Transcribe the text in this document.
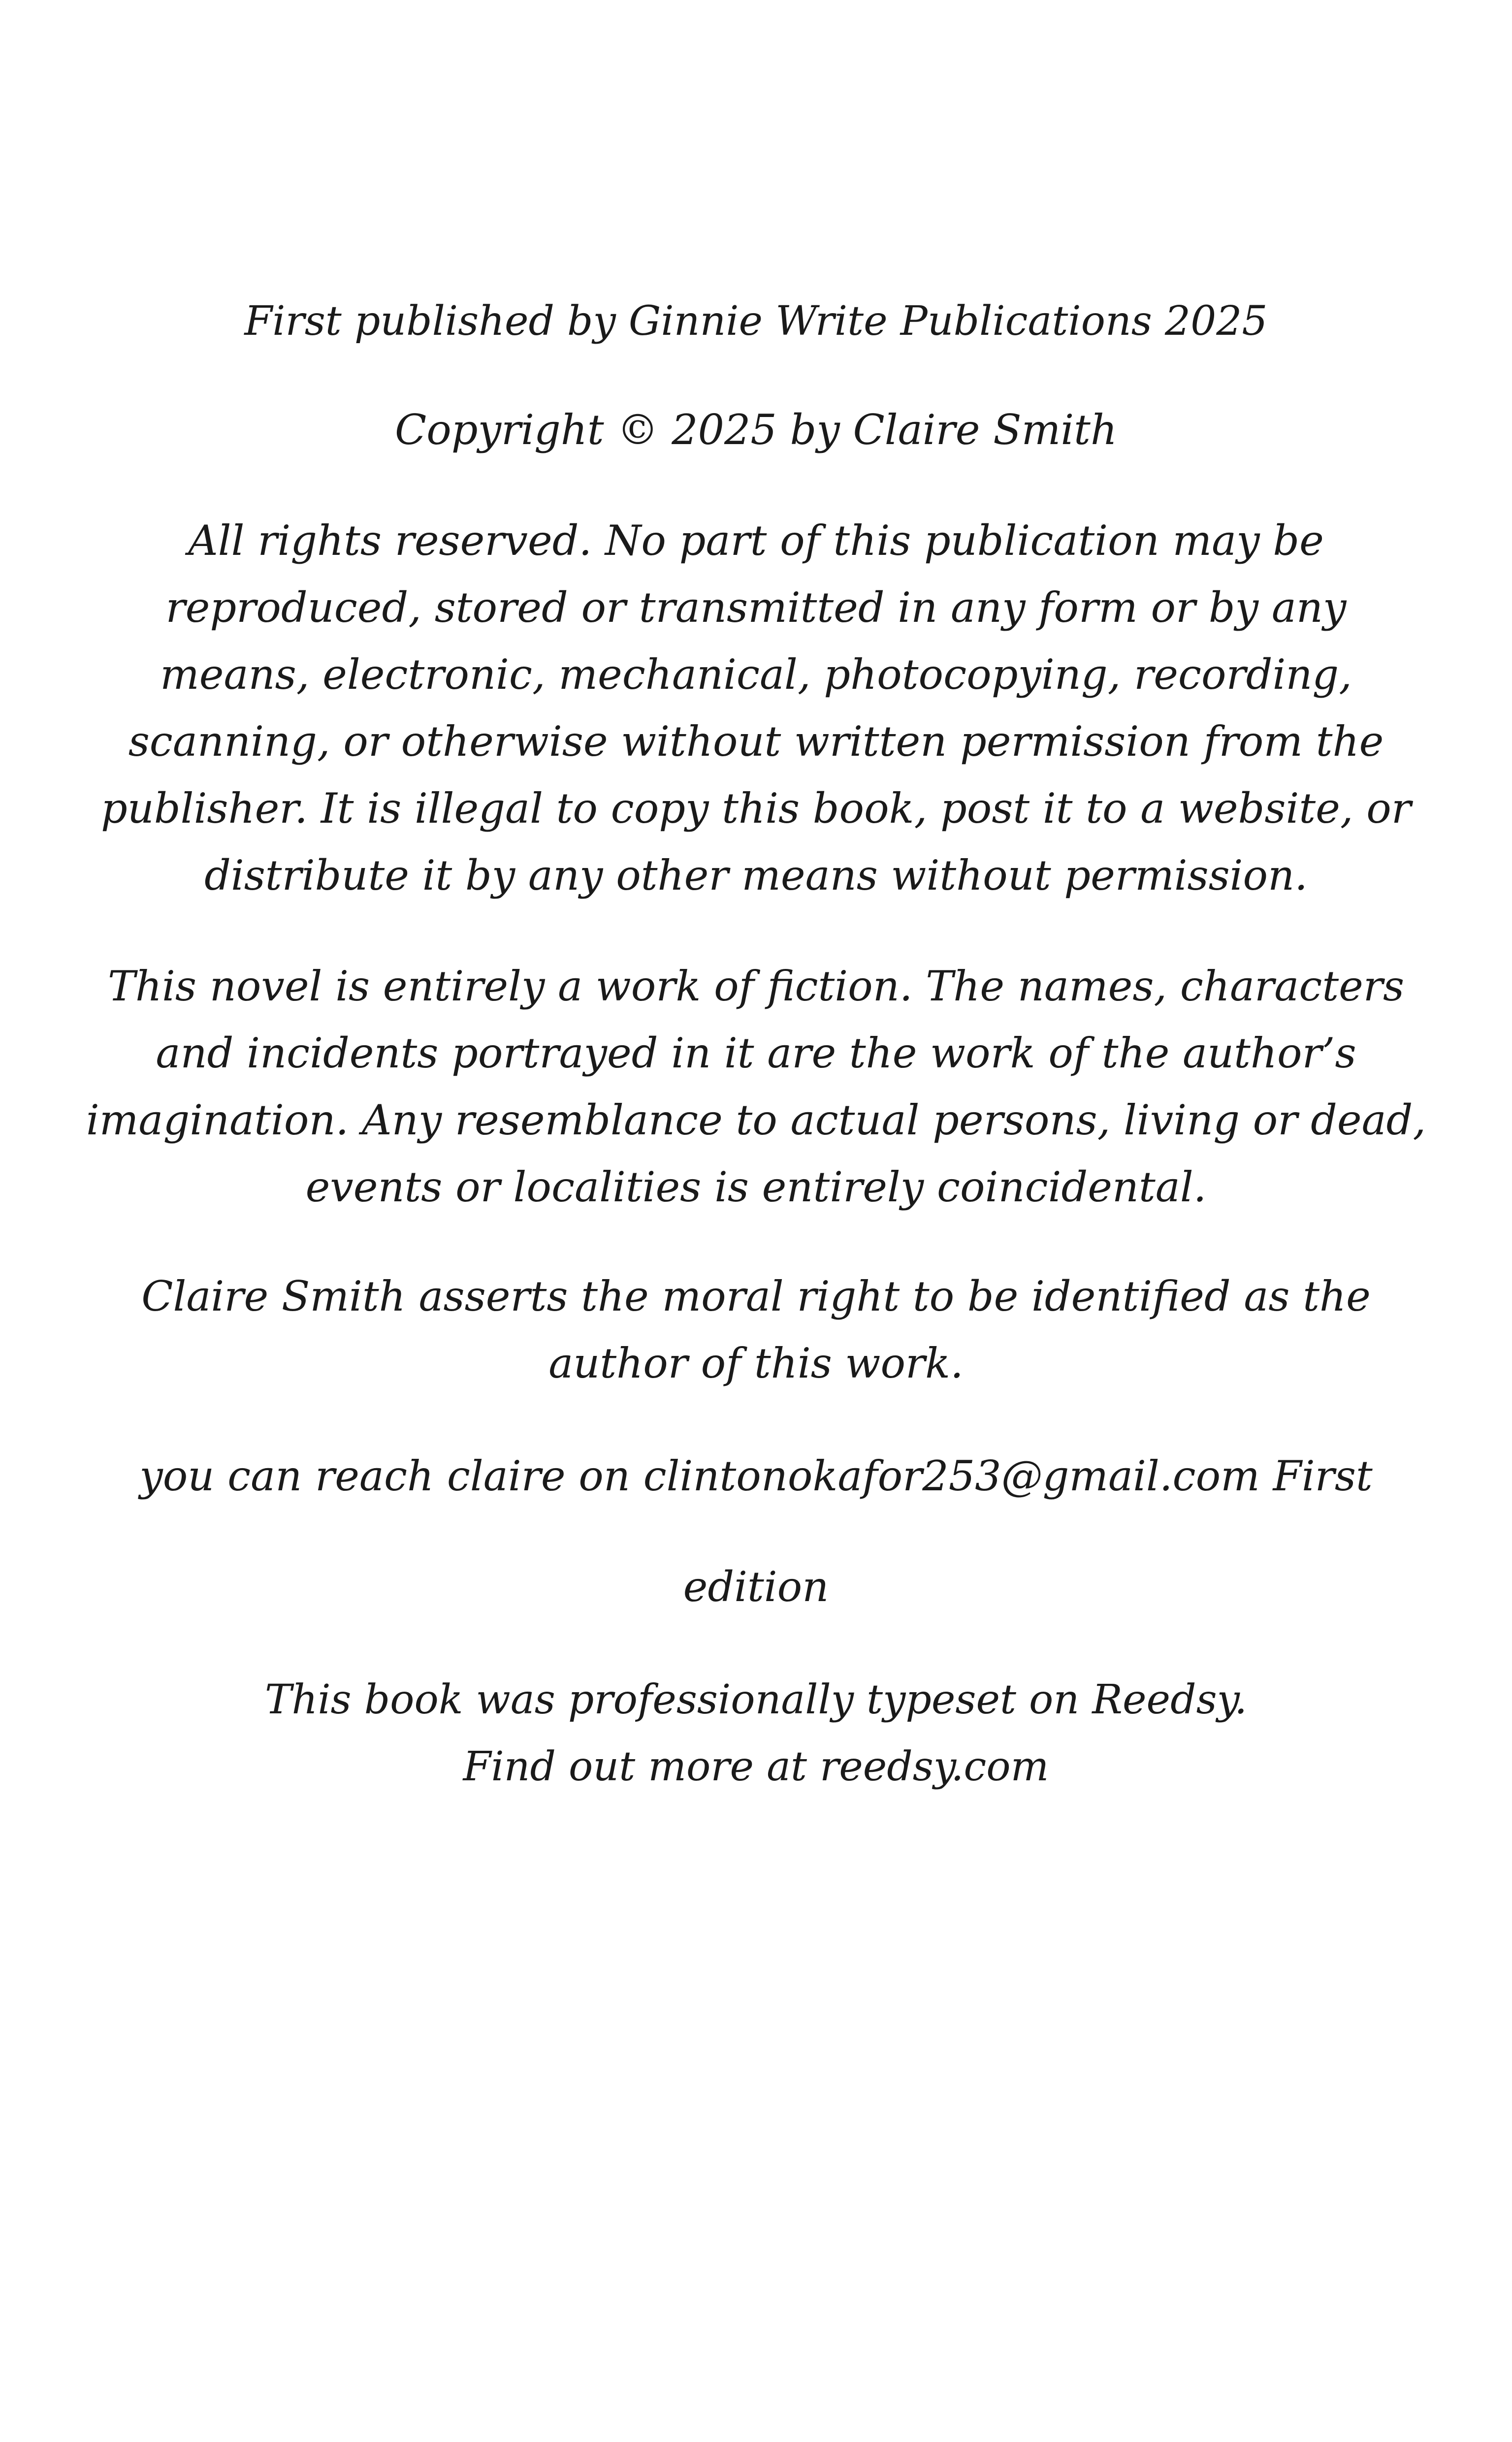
First published by Ginnie Write Publications 2025
Copyright © 2025 by Claire Smith
All rights reserved. No part of this publication may be
reproduced, stored or transmitted in any form or by any
means, electronic, mechanical, photocopying, recording,
scanning, or otherwise without written permission from the
publisher. It is illegal to copy this book, post it to a website, or
distribute it by any other means without permission.
This novel is entirely a work of fiction. The names, characters
and incidents portrayed in it are the work of the author’s
imagination. Any resemblance to actual persons, living or dead,
events or localities is entirely coincidental.
Claire Smith asserts the moral right to be identified as the
author of this work.
you can reach claire on clintonokafor253@gmail.com First
edition
This book was professionally typeset on Reedsy.
Find out more at reedsy.com
